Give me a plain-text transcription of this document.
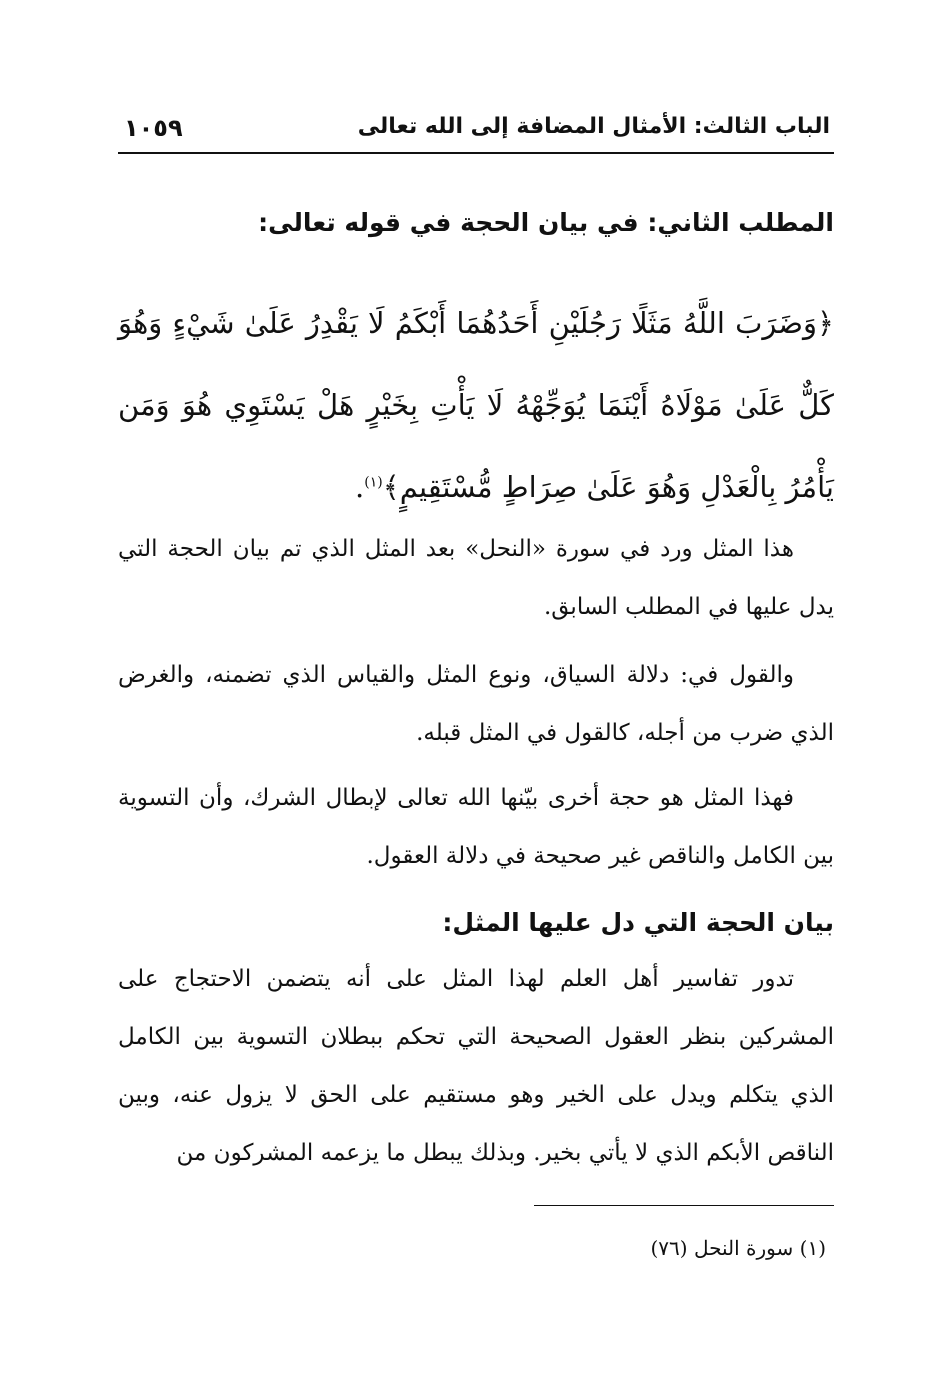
الباب الثالث: الأمثال المضافة إلى الله تعالى
١٠٥٩
المطلب الثاني: في بيان الحجة في قوله تعالى:
﴿وَضَرَبَ اللَّهُ مَثَلًا رَجُلَيْنِ أَحَدُهُمَا أَبْكَمُ لَا يَقْدِرُ عَلَىٰ شَيْءٍ وَهُوَ كَلٌّ عَلَىٰ مَوْلَاهُ أَيْنَمَا يُوَجِّهْهُ لَا يَأْتِ بِخَيْرٍ هَلْ يَسْتَوِي هُوَ وَمَن يَأْمُرُ بِالْعَدْلِ وَهُوَ عَلَىٰ صِرَاطٍ مُّسْتَقِيمٍ﴾$^{(١)}$.

هذا المثل ورد في سورة «النحل» بعد المثل الذي تم بيان الحجة التي يدل عليها في المطلب السابق.

والقول في: دلالة السياق، ونوع المثل والقياس الذي تضمنه، والغرض الذي ضرب من أجله، كالقول في المثل قبله.

فهذا المثل هو حجة أخرى بيّنها الله تعالى لإبطال الشرك، وأن التسوية بين الكامل والناقص غير صحيحة في دلالة العقول.

بيان الحجة التي دل عليها المثل:

تدور تفاسير أهل العلم لهذا المثل على أنه يتضمن الاحتجاج على المشركين بنظر العقول الصحيحة التي تحكم ببطلان التسوية بين الكامل الذي يتكلم ويدل على الخير وهو مستقيم على الحق لا يزول عنه، وبين الناقص الأبكم الذي لا يأتي بخير. وبذلك يبطل ما يزعمه المشركون من

(١) سورة النحل (٧٦)
